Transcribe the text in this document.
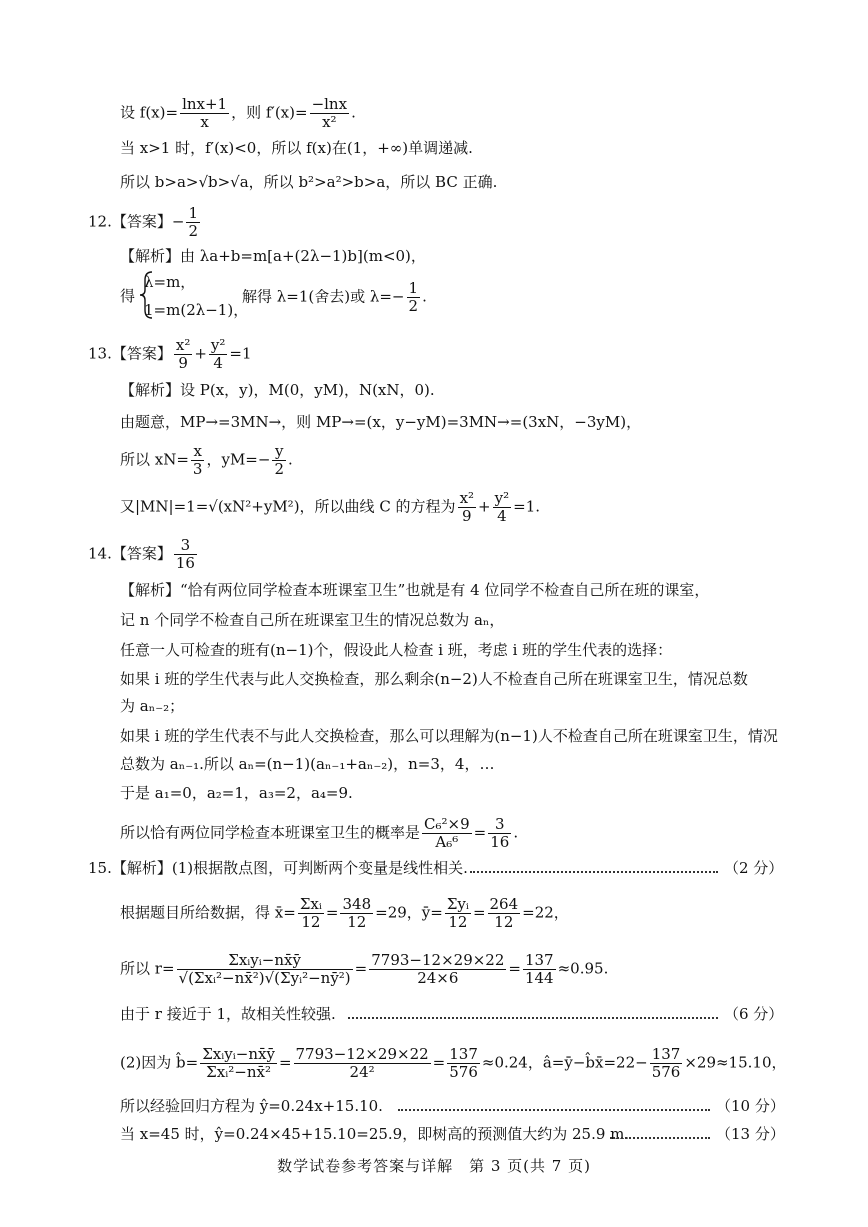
设 $f(x)= \frac{\ln x+1}{x}$ ，则 $f'(x)= \frac{-\ln x}{\text{x²}}$ .
当 x>1 时，f′(x)<0，所以 f(x)在(1，+∞)单调递减.
所以 b>a>√b>√a，所以 b²>a²>b>a，所以 BC 正确.
12.【答案】− $\frac{1}{2}$
【解析】由 λa+b=m[a+(2λ−1)b](m<0)，
得
λ=m，
1=m(2λ−1)，
解得 λ=1(舍去)或 $\lambda=- \frac{1}{2}$ .
13.【答案】 $\frac{\text{x²}}{9} + \frac{\text{y²}}{4} =1$
【解析】设 P(x，y)，M(0，yM)，N(xN，0).
由题意，MP→=3MN→，则 MP→=(x，y−yM)=3MN→=(3xN，−3yM)，
所以 $xN= \frac{x}{3}$ ，$yM=- \frac{y}{2}$ .
又|MN|=1=√(xN²+yM²)，所以曲线 C 的方程为 $\frac{\text{x²}}{9} + \frac{\text{y²}}{4} =1$.
14.【答案】 $\frac{3}{16}$
【解析】“恰有两位同学检查本班课室卫生”也就是有 4 位同学不检查自己所在班的课室，
记 n 个同学不检查自己所在班课室卫生的情况总数为 aₙ，
任意一人可检查的班有(n−1)个，假设此人检查 i 班，考虑 i 班的学生代表的选择：
如果 i 班的学生代表与此人交换检查，那么剩余(n−2)人不检查自己所在班课室卫生，情况总数
为 aₙ₋₂；
如果 i 班的学生代表不与此人交换检查，那么可以理解为(n−1)人不检查自己所在班课室卫生，情况
总数为 aₙ₋₁.所以 aₙ=(n−1)(aₙ₋₁+aₙ₋₂)，n=3，4，…
于是 a₁=0，a₂=1，a₃=2，a₄=9.
所以恰有两位同学检查本班课室卫生的概率是 $\frac{\text{C₆²×9}}{\text{A₆⁶}} = \frac{3}{16}$ .
15.【解析】(1)根据散点图，可判断两个变量是线性相关.	（2 分）
根据题目所给数据，得 x̄= $\frac{\text{Σxᵢ}}{12} = \frac{348}{12} =29$，ȳ= $\frac{\text{Σyᵢ}}{12} = \frac{264}{12} =22$，
所以 $r= \frac{\text{Σxᵢyᵢ−nx̄ȳ}}{\text{√(Σxᵢ²−nx̄²)√(Σyᵢ²−nȳ²)}} = \frac{7793-12\times 29\times 22}{24\times 6} = \frac{137}{144} \approx 0.95$.
由于 r 接近于 1，故相关性较强.	（6 分）
(2)因为 b̂= $\frac{\text{Σxᵢyᵢ−nx̄ȳ}}{\text{Σxᵢ²−nx̄²}} = \frac{7793-12\times 29\times 22}{\text{24²}} = \frac{137}{576} \approx 0.24$，â=ȳ−b̂x̄=22− $\frac{137}{576} \times 29\approx 15.10$，
所以经验回归方程为 ŷ=0.24x+15.10.	（10 分）
当 x=45 时，ŷ=0.24×45+15.10=25.9，即树高的预测值大约为 25.9 m.	（13 分）
数学试卷参考答案与详解　第 3 页(共 7 页)
